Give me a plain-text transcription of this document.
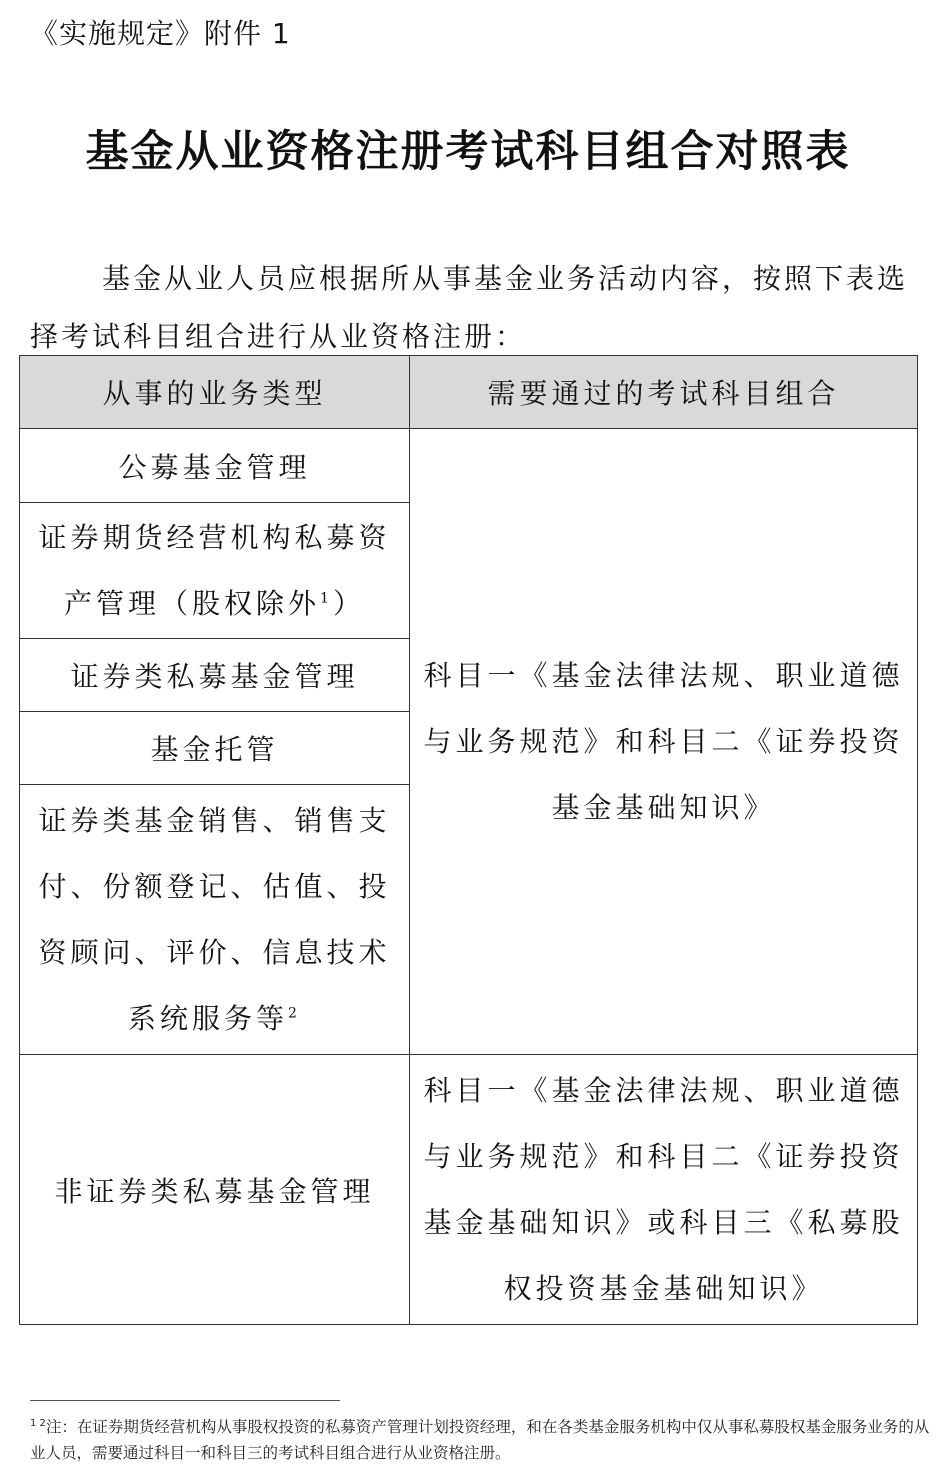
《实施规定》附件 1
基金从业资格注册考试科目组合对照表
基金从业人员应根据所从事基金业务活动内容，按照下表选择考试科目组合进行从业资格注册：
从事的业务类型	需要通过的考试科目组合
公募基金管理	科目一《基金法律法规、职业道德与业务规范》和科目二《证券投资基金基础知识》
证券期货经营机构私募资产管理（股权除外$^1$）	
证券类私募基金管理	
基金托管	
证券类基金销售、销售支付、份额登记、估值、投资顾问、评价、信息技术系统服务等$^2$
非证券类私募基金管理	科目一《基金法律法规、职业道德与业务规范》和科目二《证券投资基金基础知识》或科目三《私募股权投资基金基础知识》
$^{1 2}$注：在证券期货经营机构从事股权投资的私募资产管理计划投资经理，和在各类基金服务机构中仅从事私募股权基金服务业务的从业人员，需要通过科目一和科目三的考试科目组合进行从业资格注册。
